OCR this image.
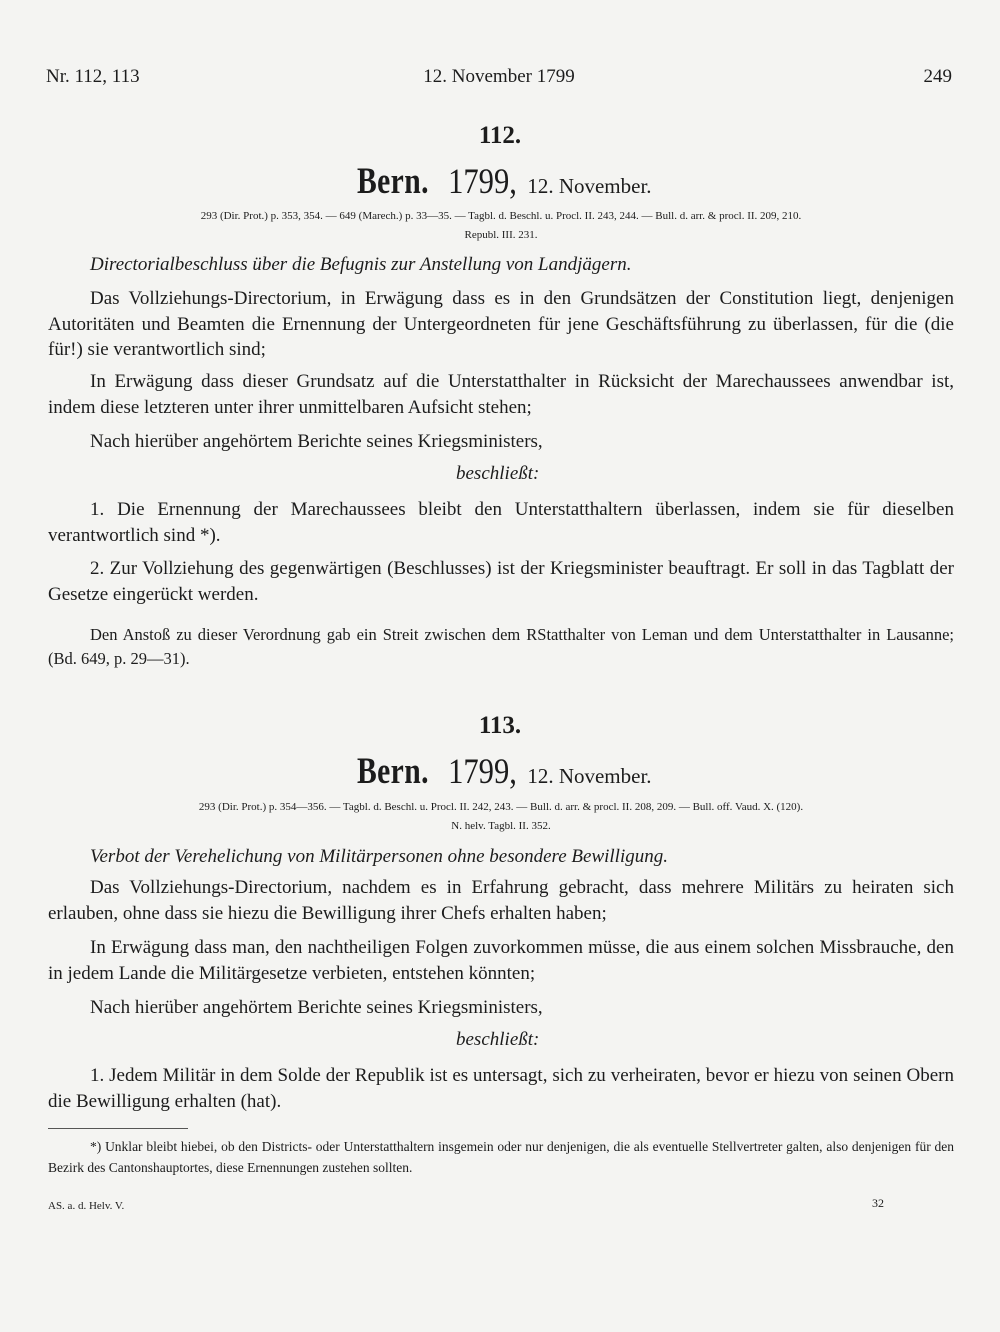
Nr. 112, 113	12. November 1799	249
112.
Bern. 1799, 12. November.
293 (Dir. Prot.) p. 353, 354. — 649 (Marech.) p. 33—35. — Tagbl. d. Beschl. u. Procl. II. 243, 244. — Bull. d. arr. & procl. II. 209, 210.
Republ. III. 231.
Directorialbeschluss über die Befugnis zur Anstellung von Landjägern.
Das Vollziehungs-Directorium, in Erwägung dass es in den Grundsätzen der Constitution liegt, denjenigen Autoritäten und Beamten die Ernennung der Untergeordneten für jene Geschäftsführung zu überlassen, für die (die für!) sie verantwortlich sind;
In Erwägung dass dieser Grundsatz auf die Unterstatthalter in Rücksicht der Marechaussees anwendbar ist, indem diese letzteren unter ihrer unmittelbaren Aufsicht stehen;
Nach hierüber angehörtem Berichte seines Kriegsministers,
beschließt:
1. Die Ernennung der Marechaussees bleibt den Unterstatthaltern überlassen, indem sie für dieselben verantwortlich sind *).
2. Zur Vollziehung des gegenwärtigen (Beschlusses) ist der Kriegsminister beauftragt. Er soll in das Tagblatt der Gesetze eingerückt werden.
Den Anstoß zu dieser Verordnung gab ein Streit zwischen dem RStatthalter von Leman und dem Unterstatthalter in Lausanne; (Bd. 649, p. 29—31).
113.
Bern. 1799, 12. November.
293 (Dir. Prot.) p. 354—356. — Tagbl. d. Beschl. u. Procl. II. 242, 243. — Bull. d. arr. & procl. II. 208, 209. — Bull. off. Vaud. X. (120).
N. helv. Tagbl. II. 352.
Verbot der Verehelichung von Militärpersonen ohne besondere Bewilligung.
Das Vollziehungs-Directorium, nachdem es in Erfahrung gebracht, dass mehrere Militärs zu heiraten sich erlauben, ohne dass sie hiezu die Bewilligung ihrer Chefs erhalten haben;
In Erwägung dass man, den nachtheiligen Folgen zuvorkommen müsse, die aus einem solchen Missbrauche, den in jedem Lande die Militärgesetze verbieten, entstehen könnten;
Nach hierüber angehörtem Berichte seines Kriegsministers,
beschließt:
1. Jedem Militär in dem Solde der Republik ist es untersagt, sich zu verheiraten, bevor er hiezu von seinen Obern die Bewilligung erhalten (hat).
*) Unklar bleibt hiebei, ob den Districts- oder Unterstatthaltern insgemein oder nur denjenigen, die als eventuelle Stellvertreter galten, also denjenigen für den Bezirk des Cantonshauptortes, diese Ernennungen zustehen sollten.
AS. a. d. Helv. V.	32
